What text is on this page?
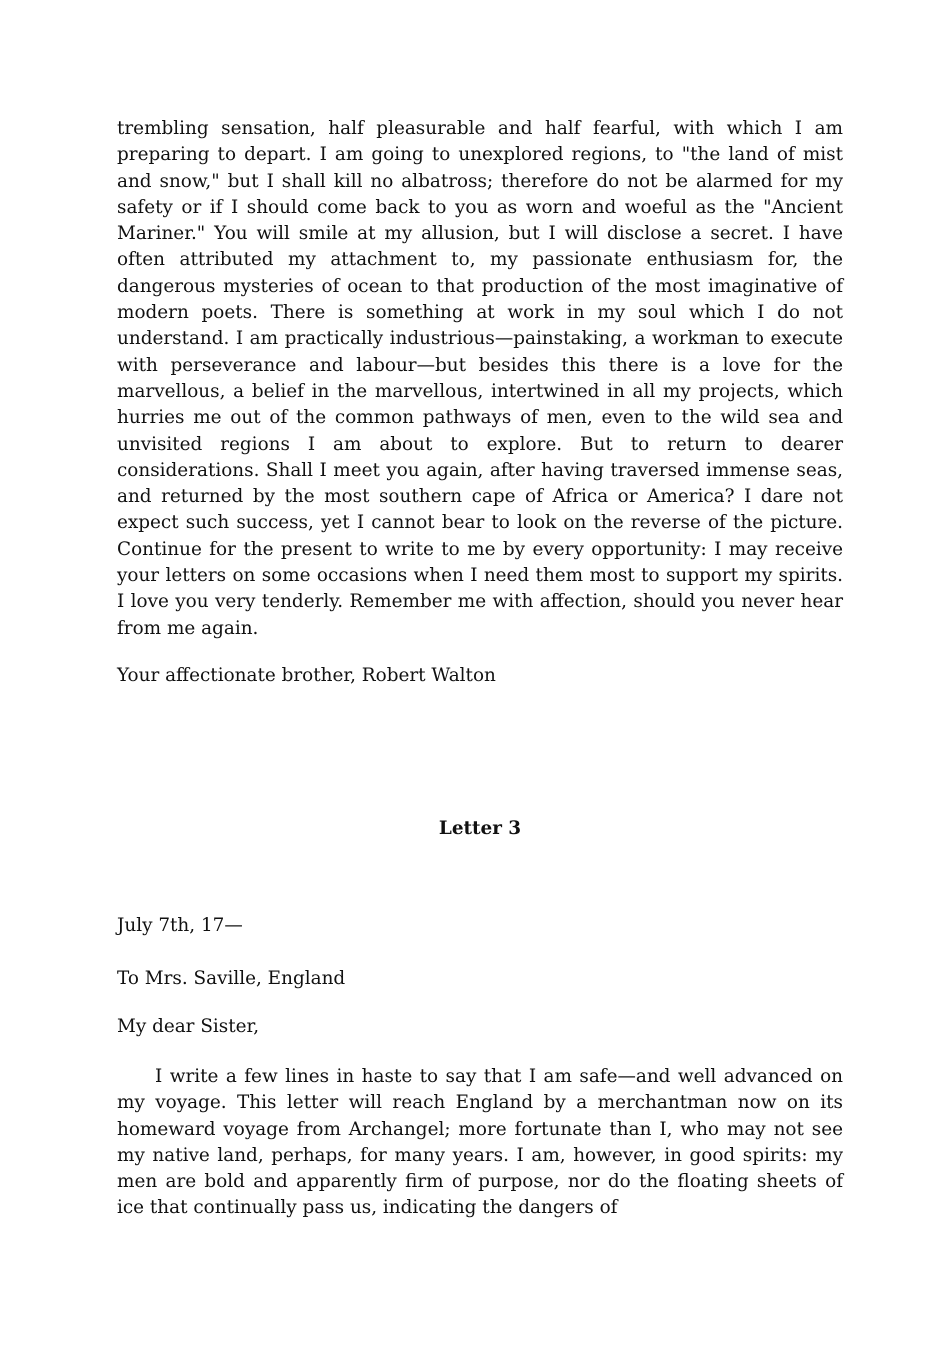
trembling sensation, half pleasurable and half fearful, with which I am preparing to depart. I am going to unexplored regions, to "the land of mist and snow," but I shall kill no albatross; therefore do not be alarmed for my safety or if I should come back to you as worn and woeful as the "Ancient Mariner." You will smile at my allusion, but I will disclose a secret. I have often attributed my attachment to, my passionate enthusiasm for, the dangerous mysteries of ocean to that production of the most imaginative of modern poets. There is something at work in my soul which I do not understand. I am practically industrious—painstaking, a workman to execute with perseverance and labour—but besides this there is a love for the marvellous, a belief in the marvellous, intertwined in all my projects, which hurries me out of the common pathways of men, even to the wild sea and unvisited regions I am about to explore. But to return to dearer considerations. Shall I meet you again, after having traversed immense seas, and returned by the most southern cape of Africa or America? I dare not expect such success, yet I cannot bear to look on the reverse of the picture. Continue for the present to write to me by every opportunity: I may receive your letters on some occasions when I need them most to support my spirits. I love you very tenderly. Remember me with affection, should you never hear from me again.

Your affectionate brother, Robert Walton

Letter 3

July 7th, 17—

To Mrs. Saville, England

My dear Sister,

I write a few lines in haste to say that I am safe—and well advanced on my voyage. This letter will reach England by a merchantman now on its homeward voyage from Archangel; more fortunate than I, who may not see my native land, perhaps, for many years. I am, however, in good spirits: my men are bold and apparently firm of purpose, nor do the floating sheets of ice that continually pass us, indicating the dangers of
